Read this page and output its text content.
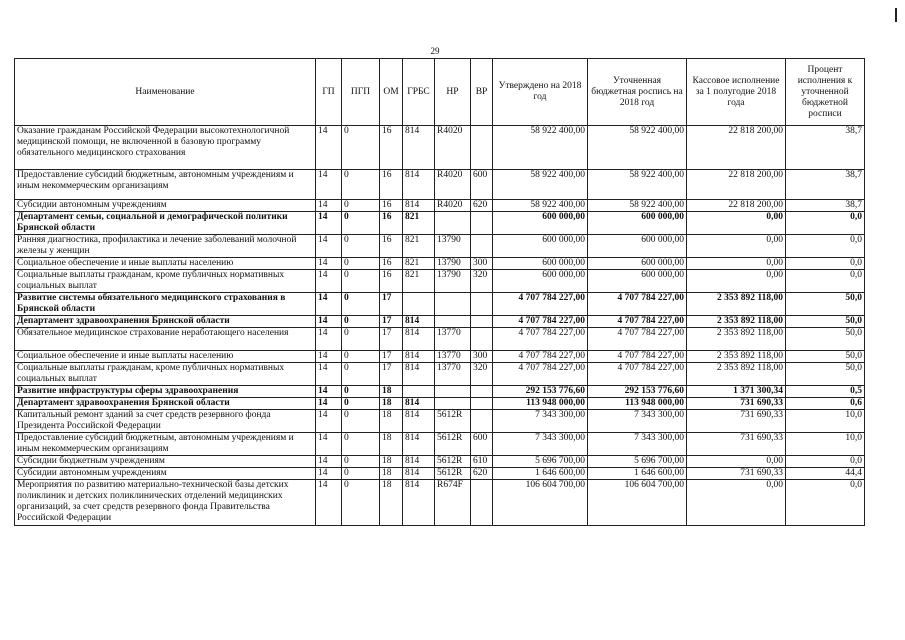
29
Наименование	ГП	ПГП	ОМ	ГРБС	НР	ВР	Утверждено на 2018 год	Уточненная бюджетная роспись на 2018 год	Кассовое исполнение за 1 полугодие 2018 года	Процент исполнения к уточненной бюджетной росписи
Оказание гражданам Российской Федерации высокотехнологичной медицинской помощи, не включенной в базовую программу обязательного медицинского страхования	14	0	16	814	R4020		58 922 400,00	58 922 400,00	22 818 200,00	38,7
Предоставление субсидий бюджетным, автономным учреждениям и иным некоммерческим организациям	14	0	16	814	R4020	600	58 922 400,00	58 922 400,00	22 818 200,00	38,7
Субсидии автономным учреждениям	14	0	16	814	R4020	620	58 922 400,00	58 922 400,00	22 818 200,00	38,7
Департамент семьи, социальной и демографической политики Брянской области	14	0	16	821			600 000,00	600 000,00	0,00	0,0
Ранняя диагностика, профилактика и лечение заболеваний молочной железы у женщин	14	0	16	821	13790		600 000,00	600 000,00	0,00	0,0
Социальное обеспечение и иные выплаты населению	14	0	16	821	13790	300	600 000,00	600 000,00	0,00	0,0
Социальные выплаты гражданам, кроме публичных нормативных социальных выплат	14	0	16	821	13790	320	600 000,00	600 000,00	0,00	0,0
Развитие системы обязательного медицинского страхования в Брянской области	14	0	17				4 707 784 227,00	4 707 784 227,00	2 353 892 118,00	50,0
Департамент здравоохранения Брянской области	14	0	17	814			4 707 784 227,00	4 707 784 227,00	2 353 892 118,00	50,0
Обязательное медицинское страхование неработающего населения	14	0	17	814	13770		4 707 784 227,00	4 707 784 227,00	2 353 892 118,00	50,0
Социальное обеспечение и иные выплаты населению	14	0	17	814	13770	300	4 707 784 227,00	4 707 784 227,00	2 353 892 118,00	50,0
Социальные выплаты гражданам, кроме публичных нормативных социальных выплат	14	0	17	814	13770	320	4 707 784 227,00	4 707 784 227,00	2 353 892 118,00	50,0
Развитие инфраструктуры сферы здравоохранения	14	0	18				292 153 776,60	292 153 776,60	1 371 300,34	0,5
Департамент здравоохранения Брянской области	14	0	18	814			113 948 000,00	113 948 000,00	731 690,33	0,6
Капитальный ремонт зданий за счет средств резервного фонда Президента Российской Федерации	14	0	18	814	5612R		7 343 300,00	7 343 300,00	731 690,33	10,0
Предоставление субсидий бюджетным, автономным учреждениям и иным некоммерческим организациям	14	0	18	814	5612R	600	7 343 300,00	7 343 300,00	731 690,33	10,0
Субсидии бюджетным учреждениям	14	0	18	814	5612R	610	5 696 700,00	5 696 700,00	0,00	0,0
Субсидии автономным учреждениям	14	0	18	814	5612R	620	1 646 600,00	1 646 600,00	731 690,33	44,4
Мероприятия по развитию материально-технической базы детских поликлиник и детских поликлинических отделений медицинских организаций, за счет средств резервного фонда Правительства Российской Федерации	14	0	18	814	R674F		106 604 700,00	106 604 700,00	0,00	0,0
